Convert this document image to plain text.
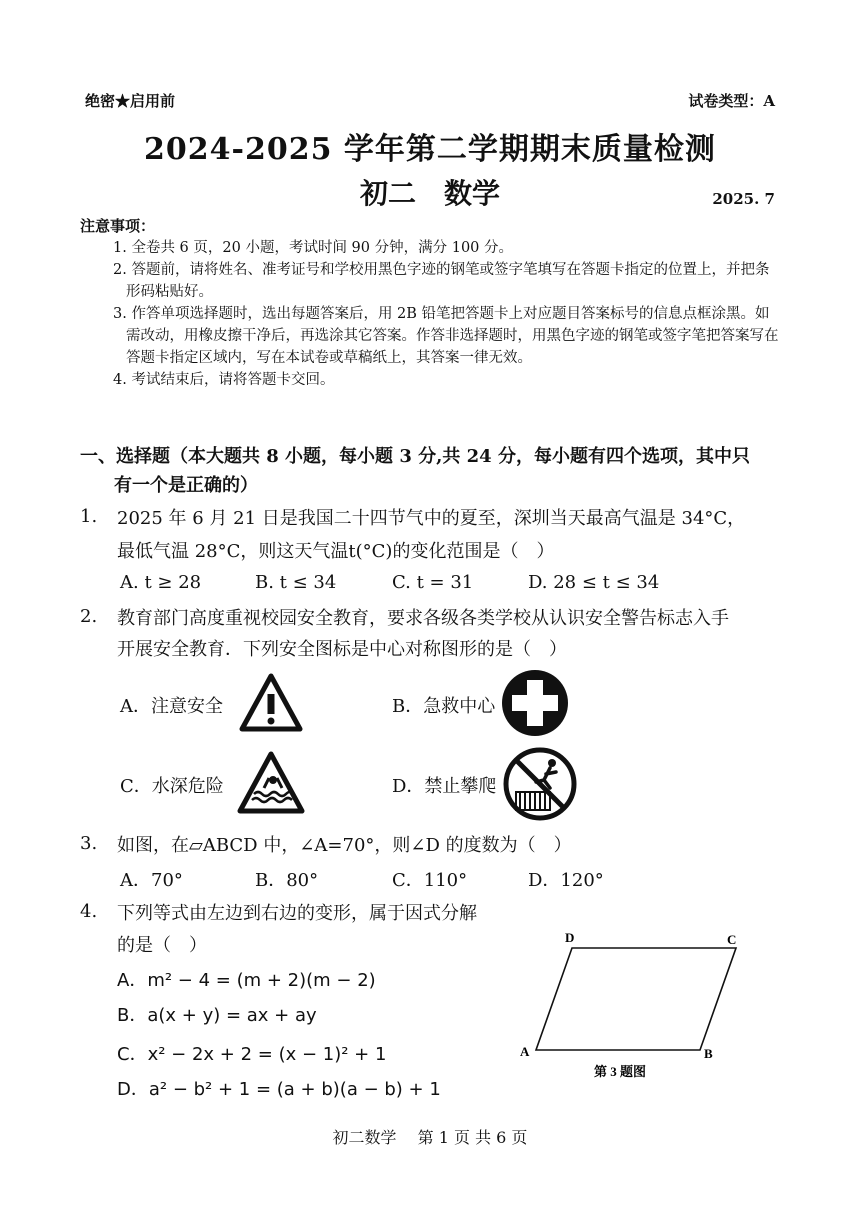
绝密★启用前	试卷类型：A
2024-2025 学年第二学期期末质量检测
初二　数学	2025. 7
注意事项：

1. 全卷共 6 页，20 小题，考试时间 90 分钟，满分 100 分。

2. 答题前，请将姓名、准考证号和学校用黑色字迹的钢笔或签字笔填写在答题卡指定的位置上，并把条形码粘贴好。

3. 作答单项选择题时，选出每题答案后，用 2B 铅笔把答题卡上对应题目答案标号的信息点框涂黑。如需改动，用橡皮擦干净后，再选涂其它答案。作答非选择题时，用黑色字迹的钢笔或签字笔把答案写在答题卡指定区域内，写在本试卷或草稿纸上，其答案一律无效。

4. 考试结束后，请将答题卡交回。

一、选择题（本大题共 8 小题，每小题 3 分,共 24 分，每小题有四个选项，其中只
有一个是正确的）
1. 2025 年 6 月 21 日是我国二十四节气中的夏至，深圳当天最高气温是 34°C，
最低气温 28°C，则这天气温t(°C)的变化范围是（　）
A. t ≥ 28	B. t ≤ 34	C. t = 31	D. 28 ≤ t ≤ 34
2. 教育部门高度重视校园安全教育，要求各级各类学校从认识安全警告标志入手
开展安全教育．下列安全图标是中心对称图形的是（　）
A．注意安全	B．急救中心
C．水深危险	D．禁止攀爬
3. 如图，在▱ABCD 中，∠A=70°，则∠D 的度数为（　）
A．70°	B．80°	C．110°	D．120°
4. 下列等式由左边到右边的变形，属于因式分解
的是（　）
A．m² − 4 = (m + 2)(m − 2)
B．a(x + y) = ax + ay
C．x² − 2x + 2 = (x − 1)² + 1
D．a² − b² + 1 = (a + b)(a − b) + 1
D	C
A	B
第 3 题图
初二数学　 第 1 页 共 6 页
